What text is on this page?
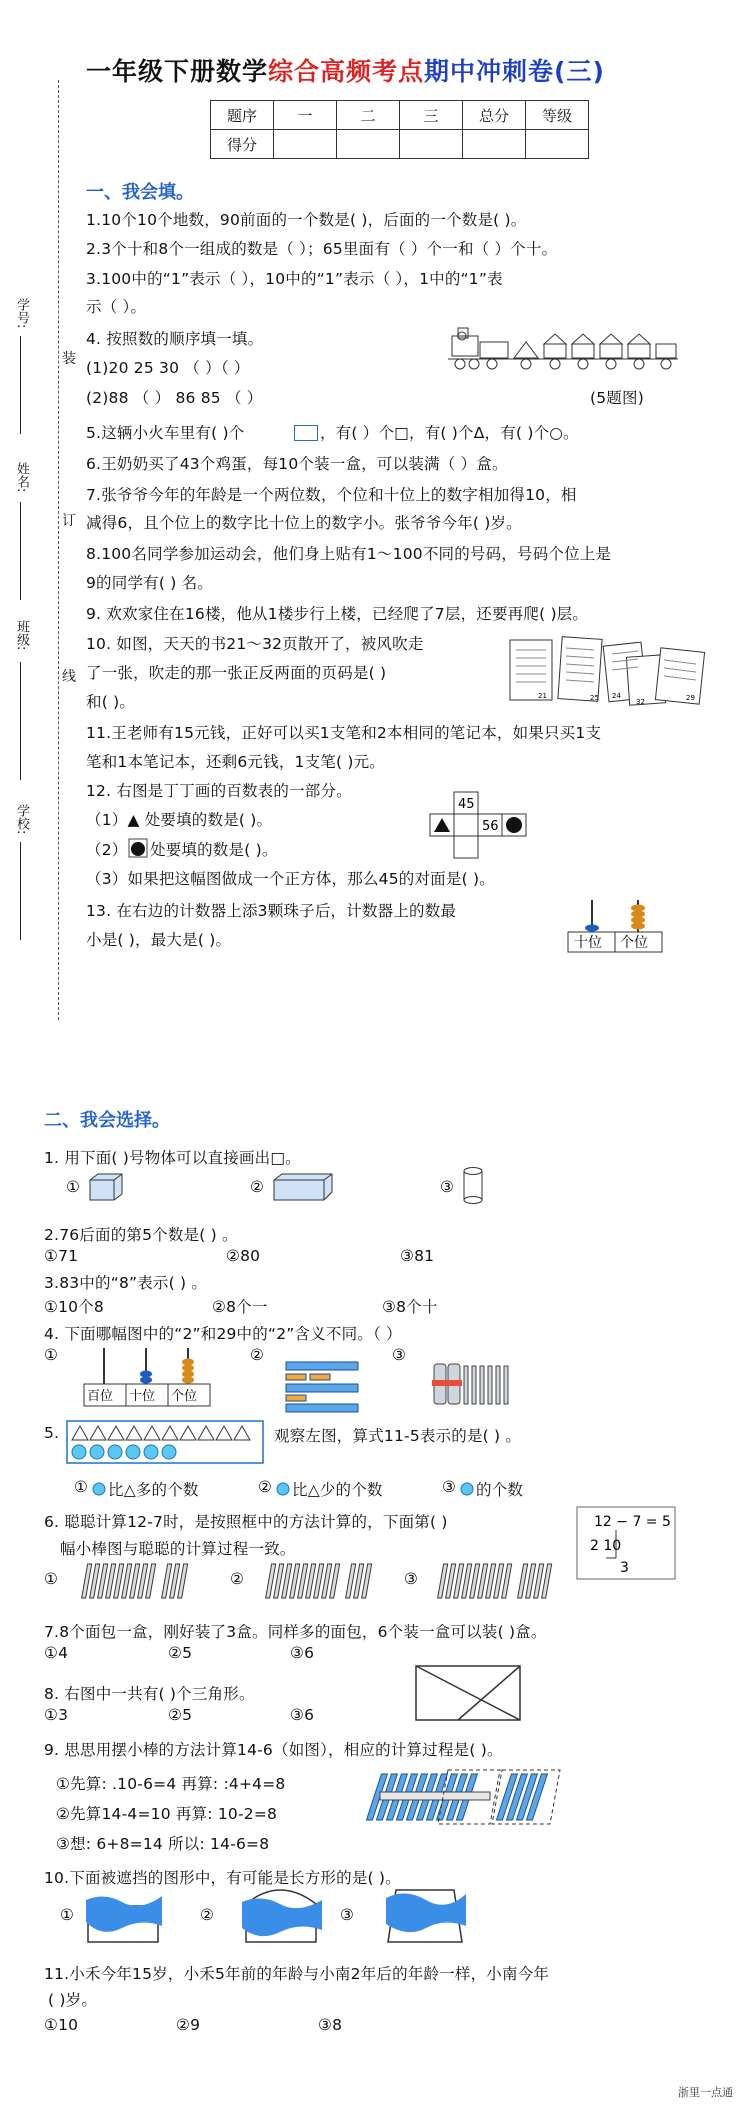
一年级下册数学综合高频考点期中冲刺卷(三)
题序	一	二	三	总分	等级
得分					
装
订
线
学号:
姓名:
班级:
学校:
一、我会填。
1.10个10个地数，90前面的一个数是( )，后面的一个数是( )。
2.3个十和8个一组成的数是（ ）；65里面有（ ）个一和（ ）个十。
3.100中的“1”表示（ ），10中的“1”表示（ ），1中的“1”表
示（ ）。
4. 按照数的顺序填一填。
(1)20 25 30 （ ）（ ）
(2)88 （ ） 86 85 （ ）
5.这辆小火车里有( )个	，有( ）个□，有( )个Δ，有( )个○。
6.王奶奶买了43个鸡蛋，每10个装一盒，可以装满（ ）盒。
7.张爷爷今年的年龄是一个两位数，个位和十位上的数字相加得10，相
减得6，且个位上的数字比十位上的数字小。张爷爷今年( )岁。
8.100名同学参加运动会，他们身上贴有1～100不同的号码，号码个位上是
9的同学有( ) 名。
9. 欢欢家住在16楼，他从1楼步行上楼，已经爬了7层，还要再爬( )层。
10. 如图，天天的书21～32页散开了，被风吹走
了一张，吹走的那一张正反两面的页码是( )
和( )。
11.王老师有15元钱，正好可以买1支笔和2本相同的笔记本，如果只买1支
笔和1本笔记本，还剩6元钱，1支笔( )元。
12. 右图是丁丁画的百数表的一部分。
（1）▲ 处要填的数是( )。
（2） 处要填的数是( )。
（3）如果把这幅图做成一个正方体，那么45的对面是( )。
13. 在右边的计数器上添3颗珠子后，计数器上的数最
小是( )，最大是( )。
(5题图)
21	25 24
32	29
45
56
十位 个位
二、我会选择。
1. 用下面( )号物体可以直接画出□。
①	②	③
2.76后面的第5个数是( ) 。
①71	②80	③81
3.83中的“8”表示( ) 。
①10个8	②8个一	③8个十
4. 下面哪幅图中的“2”和29中的“2”含义不同。（ ）
①
百位 十位 个位
②	③
5.	观察左图，算式11-5表示的是( ) 。
① 比△多的个数	② 比△少的个数	③ 的个数
6. 聪聪计算12-7时，是按照框中的方法计算的，下面第( )
幅小棒图与聪聪的计算过程一致。
12 − 7 = 5
2 10
3
①	②	③
7.8个面包一盒，刚好装了3盒。同样多的面包，6个装一盒可以装( )盒。
①4	②5	③6
8. 右图中一共有( )个三角形。
①3	②5	③6
9. 思思用摆小棒的方法计算14-6（如图），相应的计算过程是( )。
①先算: .10-6=4 再算: :4+4=8
②先算14-4=10 再算: 10-2=8
③想: 6+8=14 所以: 14-6=8
10.下面被遮挡的图形中，有可能是长方形的是( )。
①	②	③
11.小禾今年15岁，小禾5年前的年龄与小南2年后的年龄一样，小南今年
( )岁。
①10	②9	③8
浙里一点通
